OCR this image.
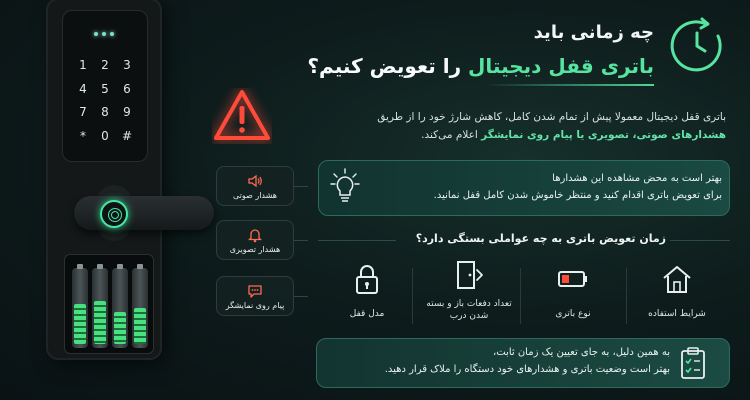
1	2	3
4	5	6
7	8	9
*	0	#
هشدار صوتی
هشدار تصویری
پیام روی نمایشگر
چه زمانی باید
باتری قفل دیجیتال را تعویض کنیم؟
باتری قفل دیجیتال معمولا پیش از تمام شدن کامل، کاهش شارژ خود را از طریق هشدارهای صوتی، تصویری یا پیام روی نمایشگر اعلام می‌کند.
بهتر است به محض مشاهده این هشدارها
برای تعویض باتری اقدام کنید و منتظر خاموش شدن کامل قفل نمانید.
زمان تعویض باتری به چه عواملی بستگی دارد؟
شرایط استفاده
نوع باتری
تعداد دفعات باز و بسته شدن درب
مدل قفل
به همین دلیل، به جای تعیین یک زمان ثابت،
بهتر است وضعیت باتری و هشدارهای خود دستگاه را ملاک قرار دهید.
